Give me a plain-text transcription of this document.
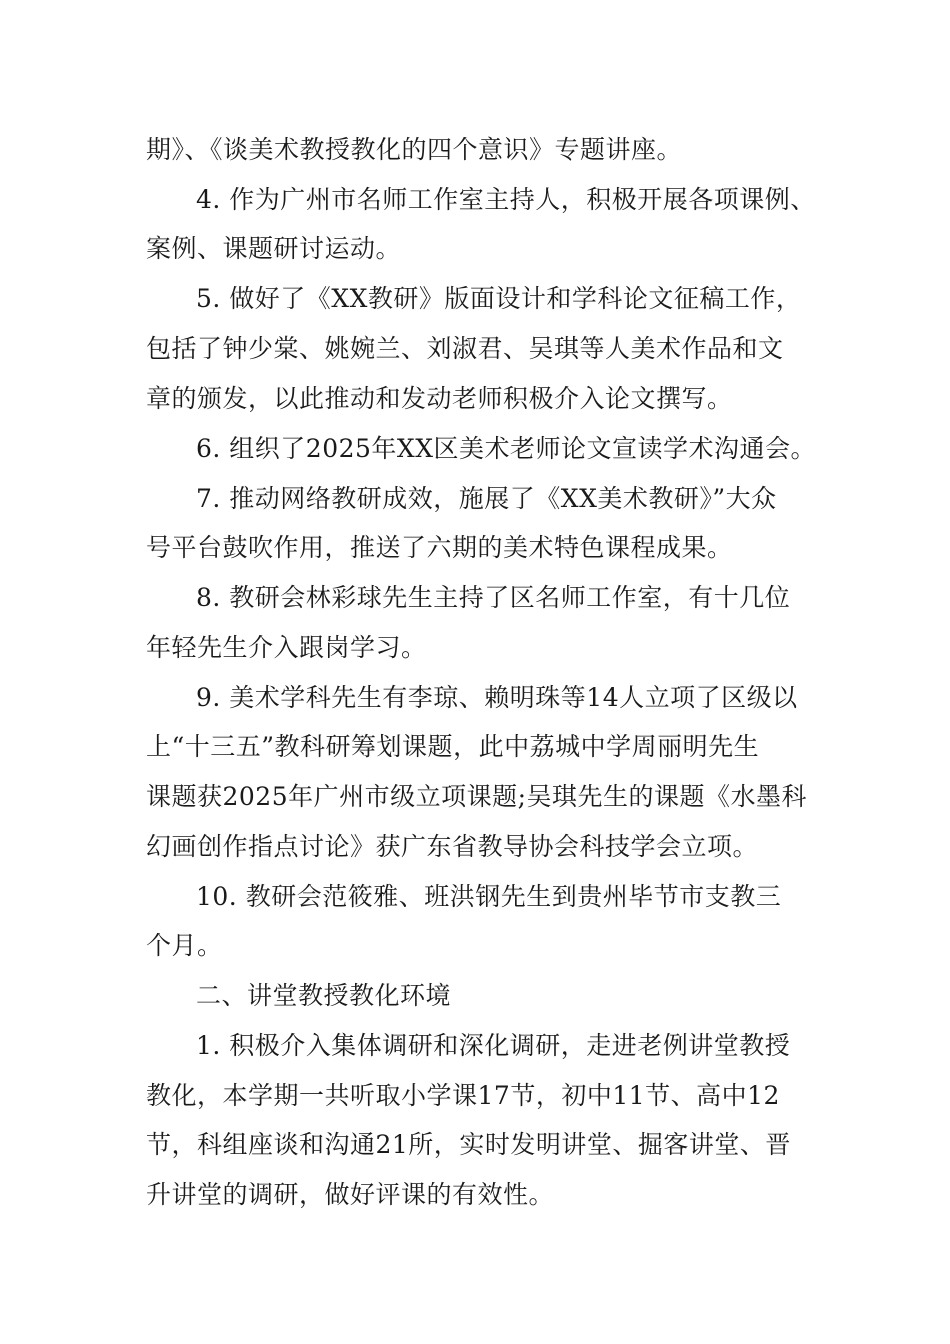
期》、《谈美术教授教化的四个意识》专题讲座。
4. 作为广州市名师工作室主持人，积极开展各项课例、
案例、课题研讨运动。
5. 做好了《XX教研》版面设计和学科论文征稿工作，
包括了钟少棠、姚婉兰、刘淑君、吴琪等人美术作品和文
章的颁发，以此推动和发动老师积极介入论文撰写。
6. 组织了2025年XX区美术老师论文宣读学术沟通会。
7. 推动网络教研成效，施展了《XX美术教研》”大众
号平台鼓吹作用，推送了六期的美术特色课程成果。
8. 教研会林彩球先生主持了区名师工作室，有十几位
年轻先生介入跟岗学习。
9. 美术学科先生有李琼、赖明珠等14人立项了区级以
上“十三五”教科研筹划课题，此中荔城中学周丽明先生
课题获2025年广州市级立项课题;吴琪先生的课题《水墨科
幻画创作指点讨论》获广东省教导协会科技学会立项。
10. 教研会范筱雅、班洪钢先生到贵州毕节市支教三
个月。
二、讲堂教授教化环境
1. 积极介入集体调研和深化调研，走进老例讲堂教授
教化，本学期一共听取小学课17节，初中11节、高中12
节，科组座谈和沟通21所，实时发明讲堂、掘客讲堂、晋
升讲堂的调研，做好评课的有效性。
